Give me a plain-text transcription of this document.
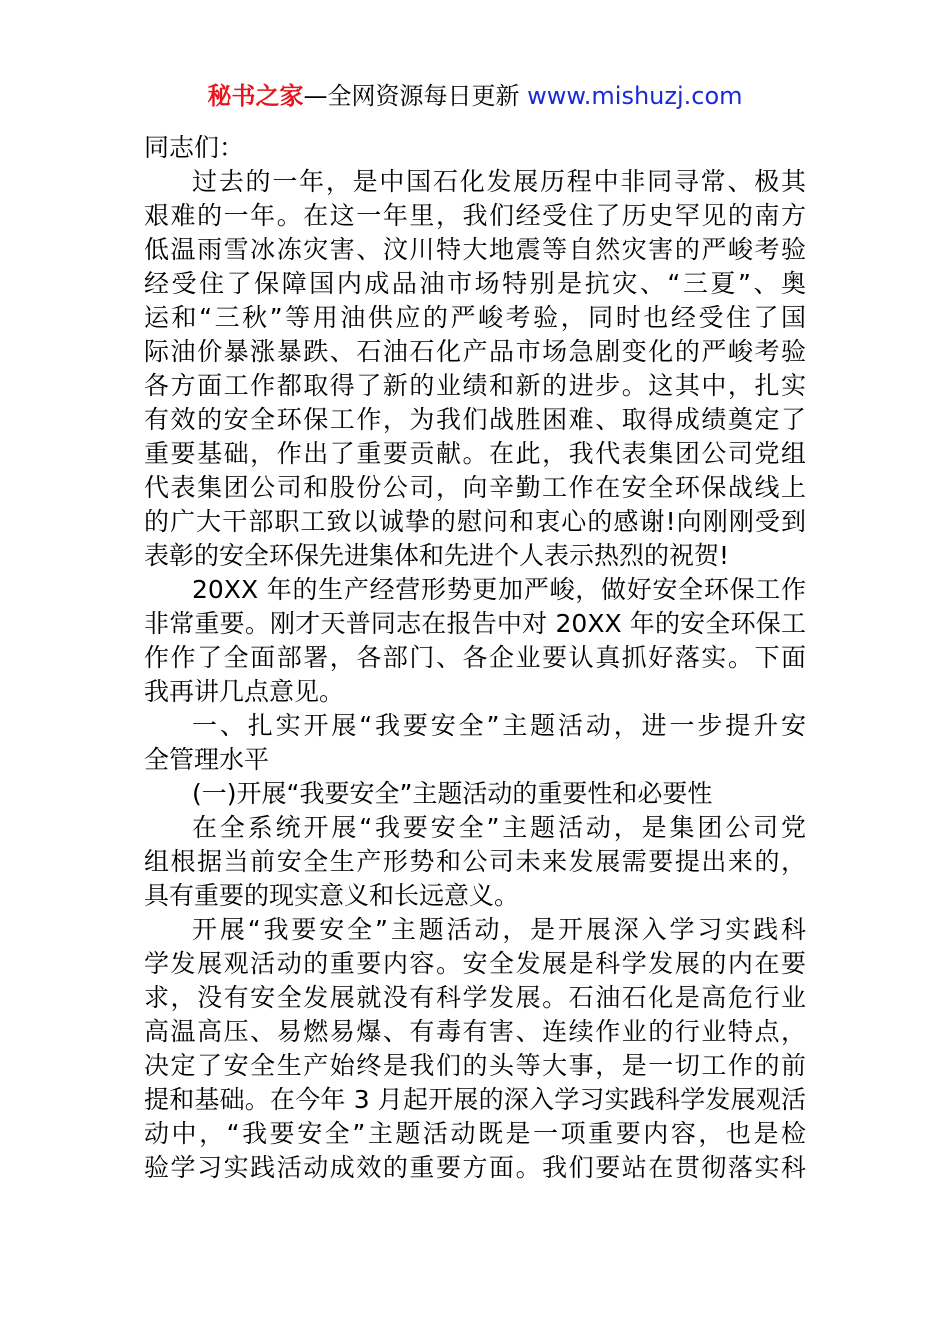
秘书之家—全网资源每日更新 www.mishuzj.com
同志们：
过去的一年，是中国石化发展历程中非同寻常、极其
艰难的一年。在这一年里，我们经受住了历史罕见的南方
低温雨雪冰冻灾害、汶川特大地震等自然灾害的严峻考验
经受住了保障国内成品油市场特别是抗灾、“三夏”、奥
运和“三秋”等用油供应的严峻考验，同时也经受住了国
际油价暴涨暴跌、石油石化产品市场急剧变化的严峻考验
各方面工作都取得了新的业绩和新的进步。这其中，扎实
有效的安全环保工作，为我们战胜困难、取得成绩奠定了
重要基础，作出了重要贡献。在此，我代表集团公司党组
代表集团公司和股份公司，向辛勤工作在安全环保战线上
的广大干部职工致以诚挚的慰问和衷心的感谢!向刚刚受到
表彰的安全环保先进集体和先进个人表示热烈的祝贺!
20XX 年的生产经营形势更加严峻，做好安全环保工作
非常重要。刚才天普同志在报告中对 20XX 年的安全环保工
作作了全面部署，各部门、各企业要认真抓好落实。下面
我再讲几点意见。
一、扎实开展“我要安全”主题活动，进一步提升安
全管理水平
(一)开展“我要安全”主题活动的重要性和必要性
在全系统开展“我要安全”主题活动，是集团公司党
组根据当前安全生产形势和公司未来发展需要提出来的，
具有重要的现实意义和长远意义。
开展“我要安全”主题活动，是开展深入学习实践科
学发展观活动的重要内容。安全发展是科学发展的内在要
求，没有安全发展就没有科学发展。石油石化是高危行业
高温高压、易燃易爆、有毒有害、连续作业的行业特点，
决定了安全生产始终是我们的头等大事，是一切工作的前
提和基础。在今年 3 月起开展的深入学习实践科学发展观活
动中，“我要安全”主题活动既是一项重要内容，也是检
验学习实践活动成效的重要方面。我们要站在贯彻落实科
